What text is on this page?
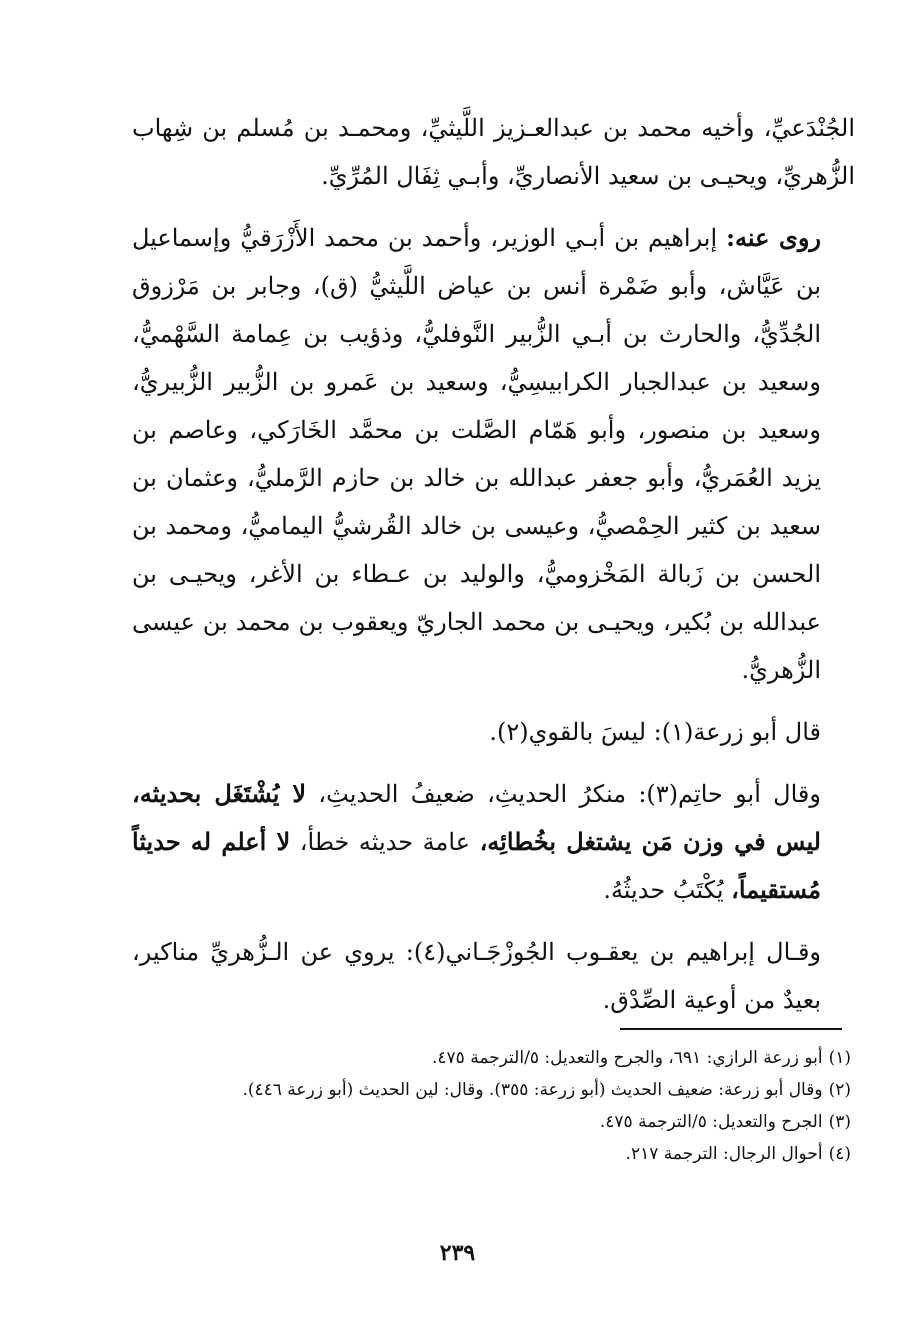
الجُنْدَعيِّ، وأخيه محمد بن عبدالعـزيز اللَّيثيِّ، ومحمـد بن مُسلم بن شِهاب الزُّهريِّ، ويحيـى بن سعيد الأنصاريِّ، وأبـي ثِفَال المُرِّيِّ.

روى عنه: إبراهيم بن أبـي الوزير، وأحمد بن محمد الأَزْرَقيُّ وإسماعيل بن عَيَّاش، وأبو ضَمْرة أنس بن عياض اللَّيثيُّ (ق)، وجابر بن مَرْزوق الجُدِّيُّ، والحارث بن أبـي الزُّبير النَّوفليُّ، وذؤيب بن عِمامة السَّهْميُّ، وسعيد بن عبدالجبار الكرابيسِيُّ، وسعيد بن عَمرو بن الزُّبير الزُّبيريُّ، وسعيد بن منصور، وأبو هَمّام الصَّلت بن محمَّد الخَارَكي، وعاصم بن يزيد العُمَريُّ، وأبو جعفر عبدالله بن خالد بن حازم الرَّمليُّ، وعثمان بن سعيد بن كثير الحِمْصيُّ، وعيسى بن خالد القُرشيُّ اليماميُّ، ومحمد بن الحسن بن زَبالة المَخْزوميُّ، والوليد بن عـطاء بن الأغر، ويحيـى بن عبدالله بن بُكير، ويحيـى بن محمد الجاريّ ويعقوب بن محمد بن عيسى الزُّهريُّ.

قال أبو زرعة(١): ليسَ بالقوي(٢).

وقال أبو حاتِم(٣): منكرُ الحديثِ، ضعيفُ الحديثِ، لا يُشْتَغَل بحديثه، ليس في وزن مَن يشتغل بخُطائِه، عامة حديثه خطأ، لا أعلم له حديثاً مُستقيماً، يُكْتَبُ حديثُهُ.

وقـال إبراهيم بن يعقـوب الجُوزْجَـاني(٤): يروي عن الـزُّهريِّ مناكير، بعيدٌ من أوعية الصِّدْق.

(١)أبو زرعة الرازي: ٦٩١، والجرح والتعديل: ٥/الترجمة ٤٧٥.

(٢)وقال أبو زرعة: ضعيف الحديث (أبو زرعة: ٣٥٥). وقال: لين الحديث (أبو زرعة ٤٤٦).

(٣)الجرح والتعديل: ٥/الترجمة ٤٧٥.

(٤)أحوال الرجال: الترجمة ٢١٧.

٢٣٩
